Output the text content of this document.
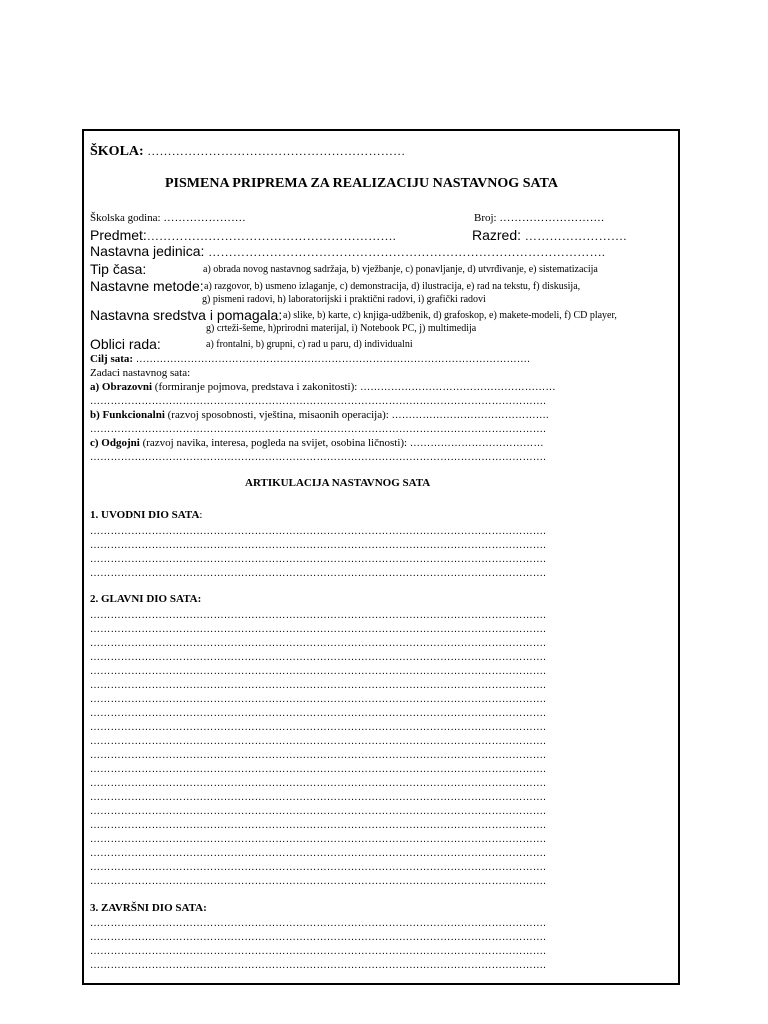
ŠKOLA: ………………………………………………………
PISMENA PRIPREMA ZA REALIZACIJU NASTAVNOG SATA
Školska godina: ………………….	Broj: ……………………….
Predmet:…………………………………………………….	Razred: …………………….
Nastavna jedinica: …………………………………………………………………………………….
Tip časa:	a) obrada novog nastavnog sadržaja, b) vježbanje, c) ponavljanje, d) utvrđivanje, e) sistematizacija
Nastavne metode: a) razgovor, b) usmeno izlaganje, c) demonstracija, d) ilustracija, e) rad na tekstu, f) diskusija,
g) pismeni radovi, h) laboratorijski i praktični radovi, i) grafički radovi
Nastavna sredstva i pomagala: a) slike, b) karte, c) knjiga-udžbenik, d) grafoskop, e) makete-modeli, f) CD player,
g) crteži-šeme, h)prirodni materijal, i) Notebook PC, j) multimedija
Oblici rada:	a) frontalni, b) grupni, c) rad u paru, d) individualni
Cilj sata: …………………………………………………………………………………………………….
Zadaci nastavnog sata:
a) Obrazovni (formiranje pojmova, predstava i zakonitosti): …………………………………………………
…………………………………………………………………………………………………………………….
b) Funkcionalni (razvoj sposobnosti, vještina, misaonih operacija): ……………………………………….
…………………………………………………………………………………………………………………….
c) Odgojni (razvoj navika, interesa, pogleda na svijet, osobina ličnosti): …………………………………
…………………………………………………………………………………………………………………….
ARTIKULACIJA NASTAVNOG SATA
1. UVODNI DIO SATA:
…………………………………………………………………………………………………………………….
…………………………………………………………………………………………………………………….
…………………………………………………………………………………………………………………….
…………………………………………………………………………………………………………………….
2. GLAVNI DIO SATA:
…………………………………………………………………………………………………………………….
…………………………………………………………………………………………………………………….
…………………………………………………………………………………………………………………….
…………………………………………………………………………………………………………………….
…………………………………………………………………………………………………………………….
…………………………………………………………………………………………………………………….
…………………………………………………………………………………………………………………….
…………………………………………………………………………………………………………………….
…………………………………………………………………………………………………………………….
…………………………………………………………………………………………………………………….
…………………………………………………………………………………………………………………….
…………………………………………………………………………………………………………………….
…………………………………………………………………………………………………………………….
…………………………………………………………………………………………………………………….
…………………………………………………………………………………………………………………….
…………………………………………………………………………………………………………………….
…………………………………………………………………………………………………………………….
…………………………………………………………………………………………………………………….
…………………………………………………………………………………………………………………….
…………………………………………………………………………………………………………………….
3. ZAVRŠNI DIO SATA:
…………………………………………………………………………………………………………………….
…………………………………………………………………………………………………………………….
…………………………………………………………………………………………………………………….
…………………………………………………………………………………………………………………….
